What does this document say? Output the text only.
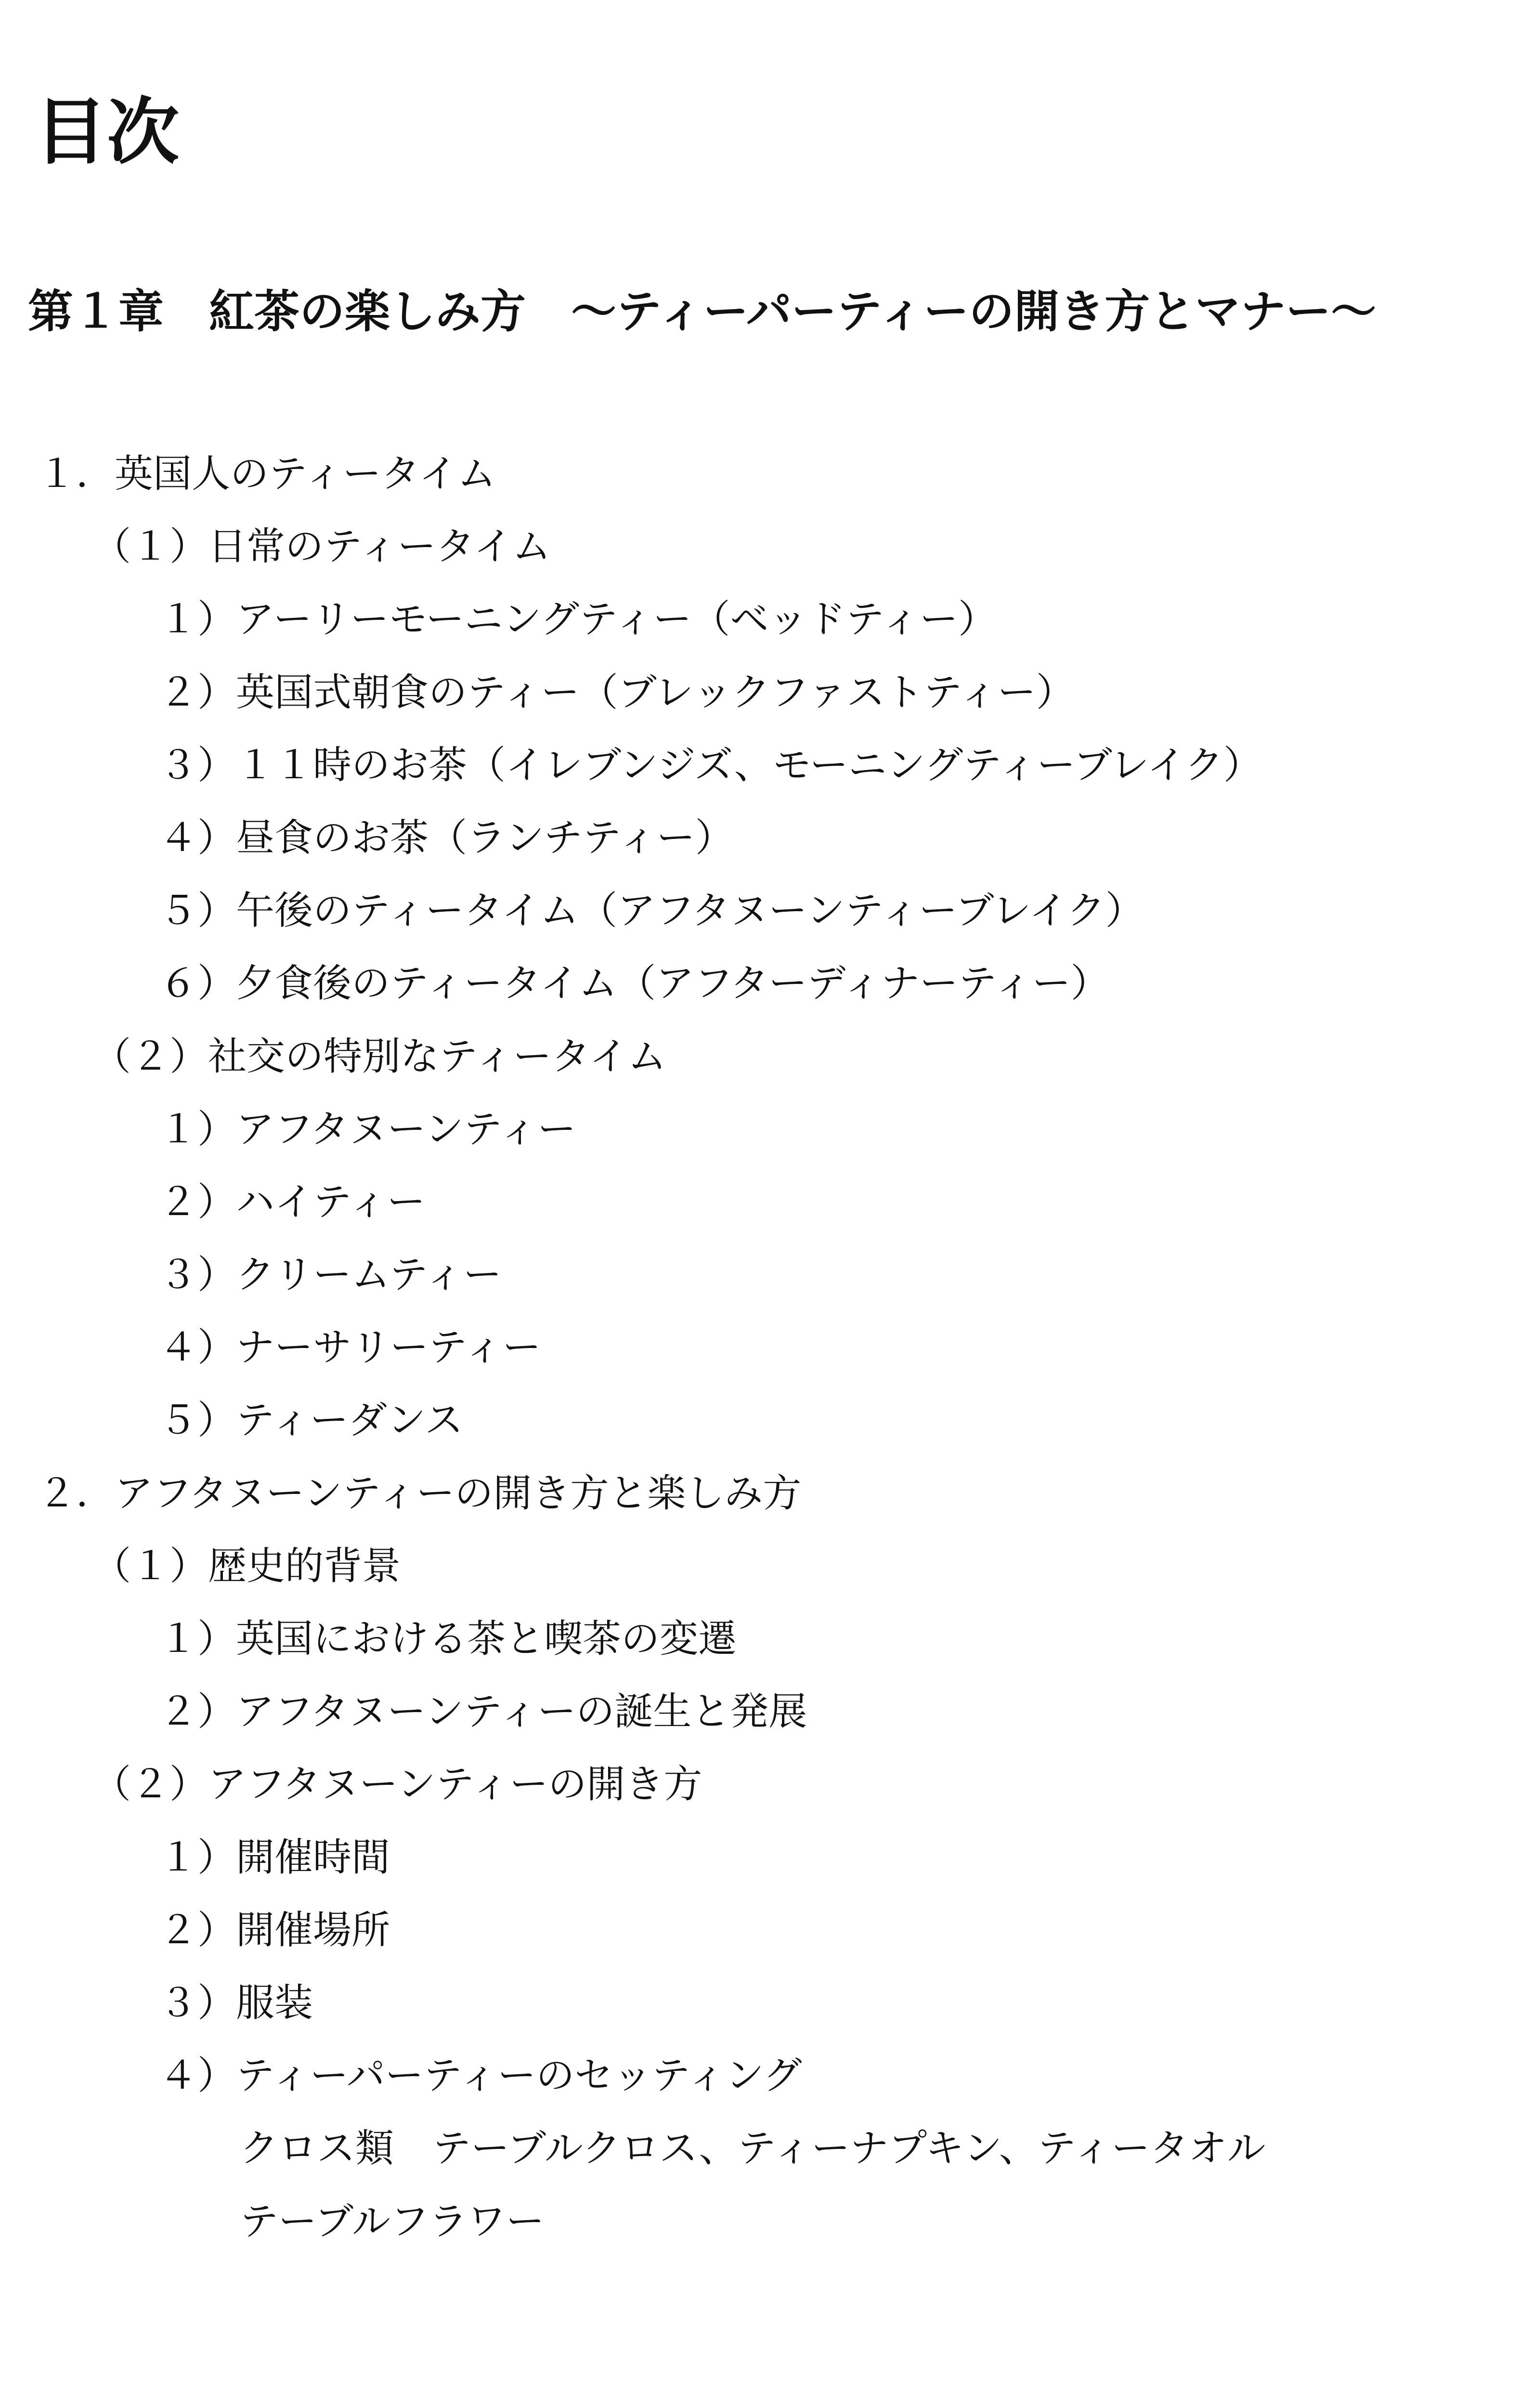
目次
第１章　紅茶の楽しみ方　～ティーパーティーの開き方とマナー～
１．英国人のティータイム
（１）日常のティータイム
１）アーリーモーニングティー（ベッドティー）
２）英国式朝食のティー（ブレックファストティー）
３）１１時のお茶（イレブンジズ、モーニングティーブレイク）
４）昼食のお茶（ランチティー）
５）午後のティータイム（アフタヌーンティーブレイク）
６）夕食後のティータイム（アフターディナーティー）
（２）社交の特別なティータイム
１）アフタヌーンティー
２）ハイティー
３）クリームティー
４）ナーサリーティー
５）ティーダンス
２．アフタヌーンティーの開き方と楽しみ方
（１）歴史的背景
１）英国における茶と喫茶の変遷
２）アフタヌーンティーの誕生と発展
（２）アフタヌーンティーの開き方
１）開催時間
２）開催場所
３）服装
４）ティーパーティーのセッティング
クロス類　テーブルクロス、ティーナプキン、ティータオル
テーブルフラワー
